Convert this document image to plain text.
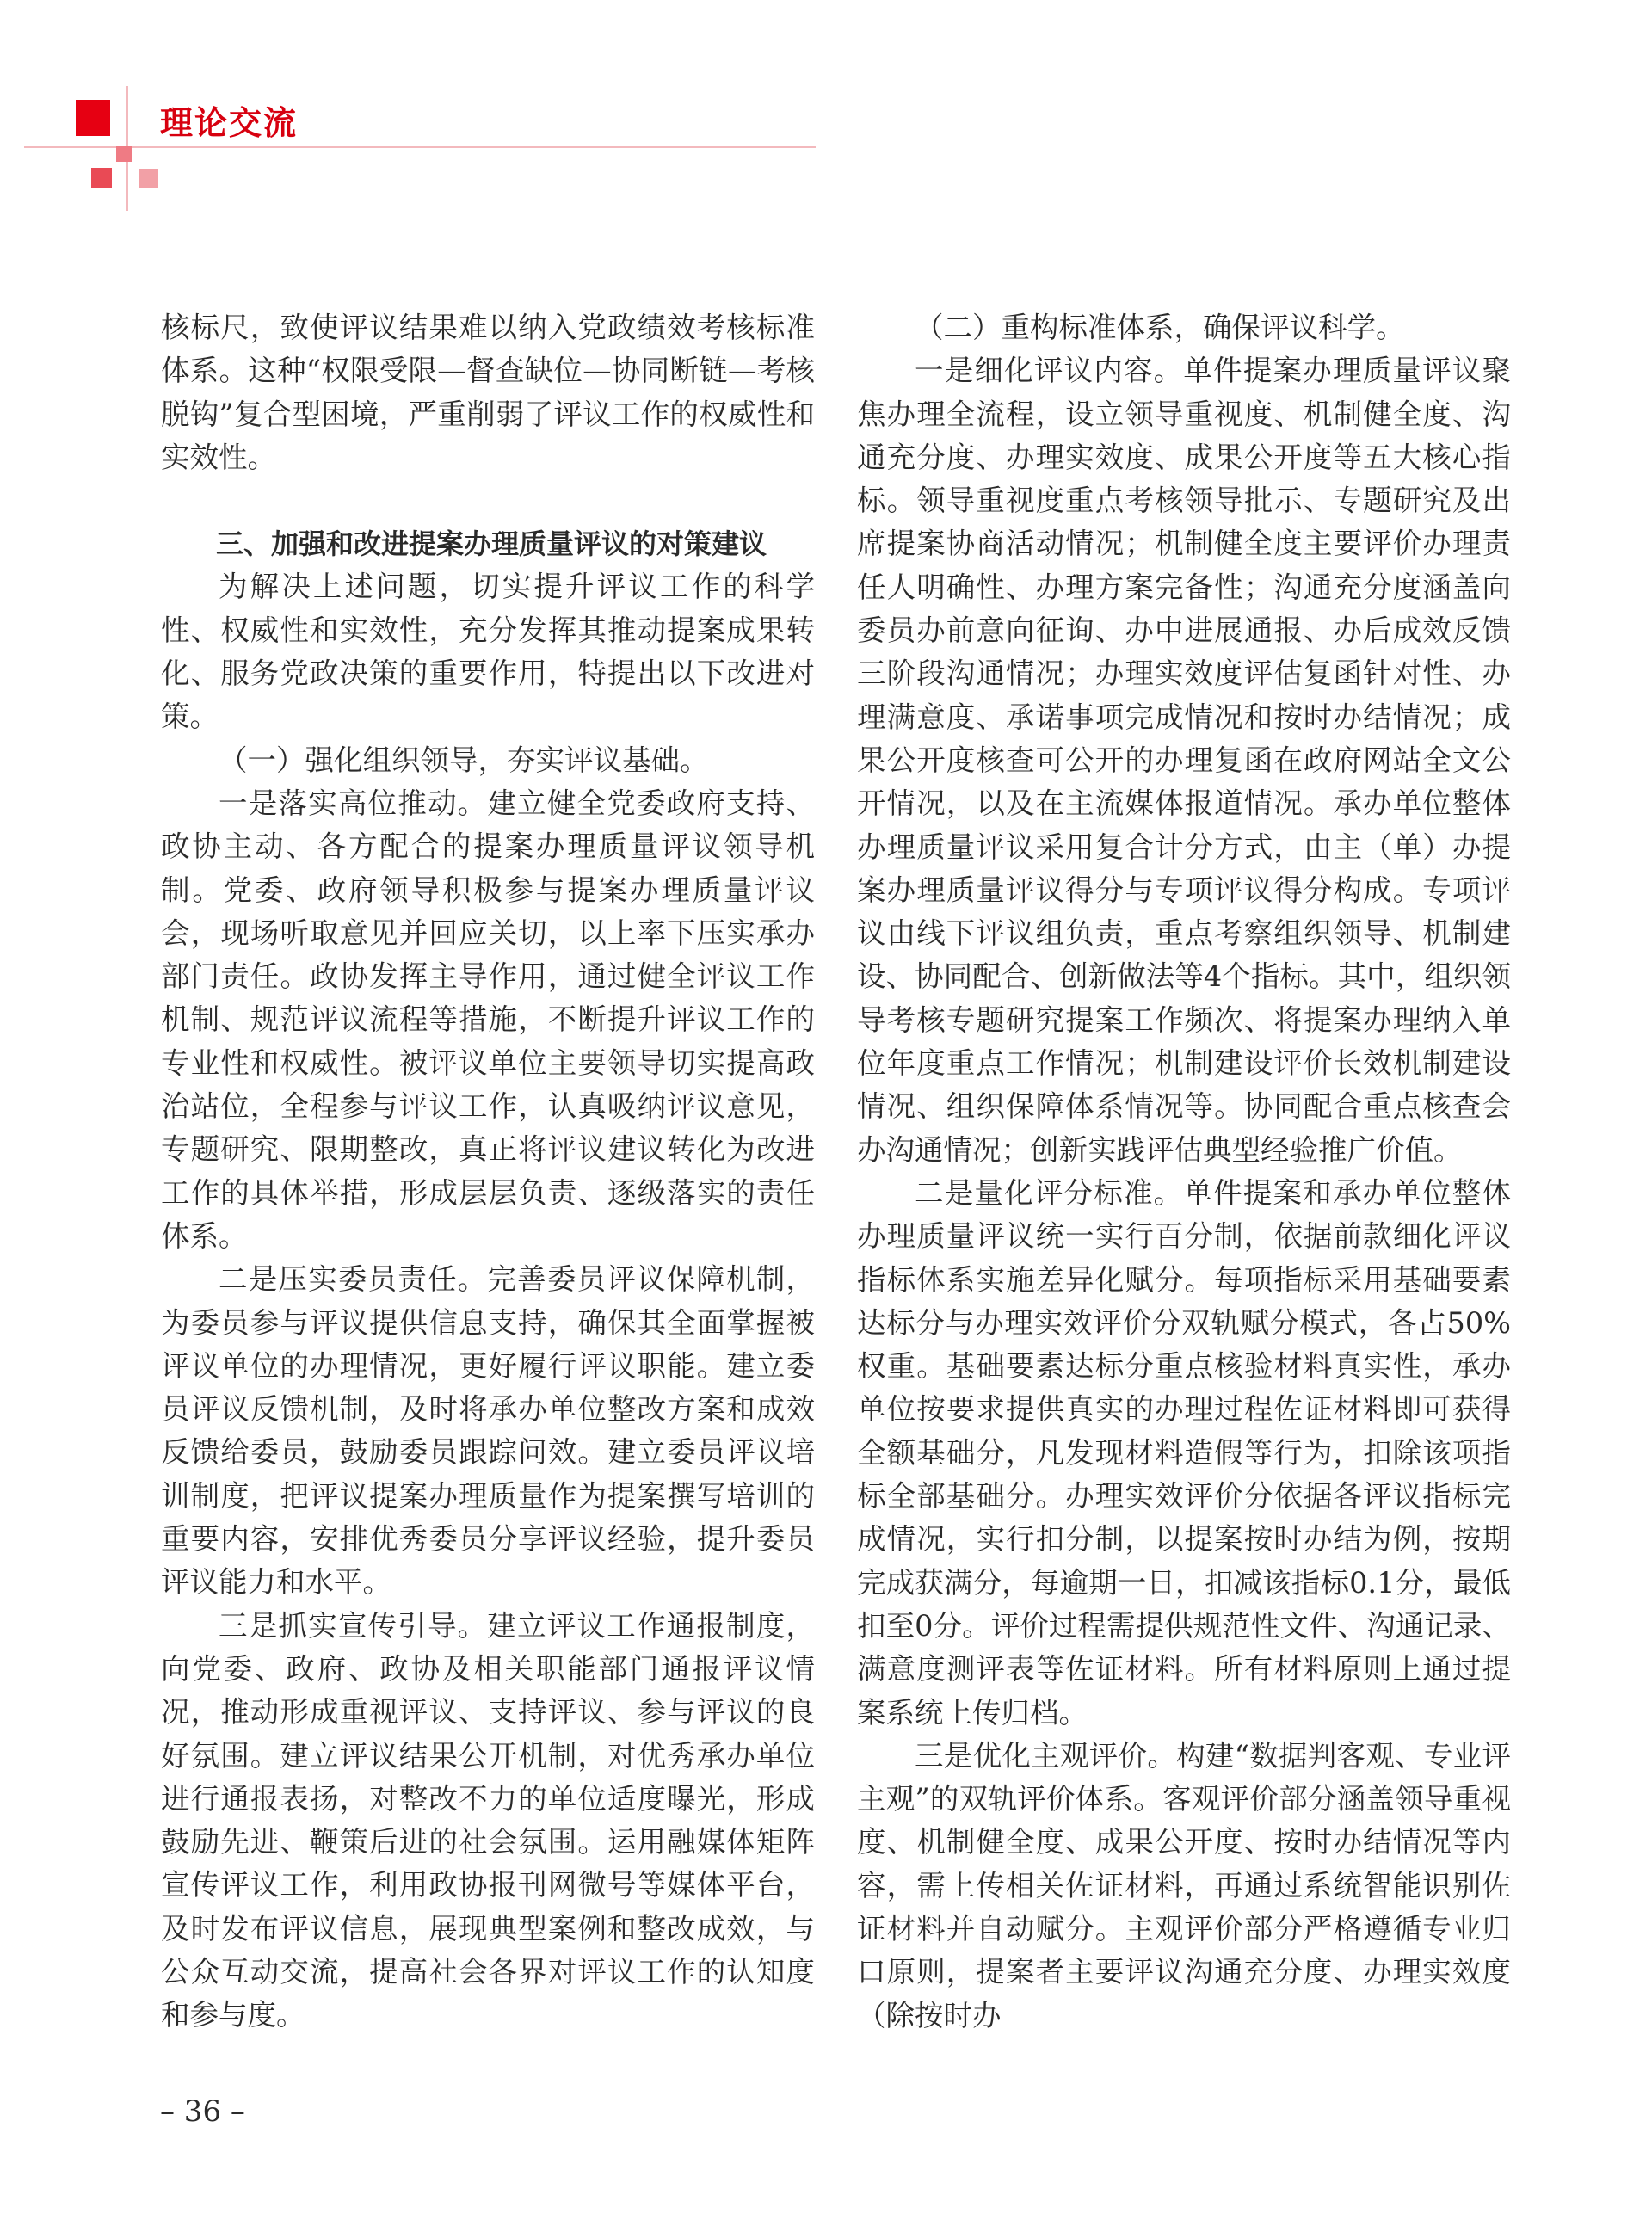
理论交流

核标尺，致使评议结果难以纳入党政绩效考核标准体系。这种“权限受限—督查缺位—协同断链—考核脱钩”复合型困境，严重削弱了评议工作的权威性和实效性。

三、加强和改进提案办理质量评议的对策建议

为解决上述问题，切实提升评议工作的科学性、权威性和实效性，充分发挥其推动提案成果转化、服务党政决策的重要作用，特提出以下改进对策。

（一）强化组织领导，夯实评议基础。

一是落实高位推动。建立健全党委政府支持、政协主动、各方配合的提案办理质量评议领导机制。党委、政府领导积极参与提案办理质量评议会，现场听取意见并回应关切，以上率下压实承办部门责任。政协发挥主导作用，通过健全评议工作机制、规范评议流程等措施，不断提升评议工作的专业性和权威性。被评议单位主要领导切实提高政治站位，全程参与评议工作，认真吸纳评议意见，专题研究、限期整改，真正将评议建议转化为改进工作的具体举措，形成层层负责、逐级落实的责任体系。

二是压实委员责任。完善委员评议保障机制，为委员参与评议提供信息支持，确保其全面掌握被评议单位的办理情况，更好履行评议职能。建立委员评议反馈机制，及时将承办单位整改方案和成效反馈给委员，鼓励委员跟踪问效。建立委员评议培训制度，把评议提案办理质量作为提案撰写培训的重要内容，安排优秀委员分享评议经验，提升委员评议能力和水平。

三是抓实宣传引导。建立评议工作通报制度，向党委、政府、政协及相关职能部门通报评议情况，推动形成重视评议、支持评议、参与评议的良好氛围。建立评议结果公开机制，对优秀承办单位进行通报表扬，对整改不力的单位适度曝光，形成鼓励先进、鞭策后进的社会氛围。运用融媒体矩阵宣传评议工作，利用政协报刊网微号等媒体平台，及时发布评议信息，展现典型案例和整改成效，与公众互动交流，提高社会各界对评议工作的认知度和参与度。

（二）重构标准体系，确保评议科学。

一是细化评议内容。单件提案办理质量评议聚焦办理全流程，设立领导重视度、机制健全度、沟通充分度、办理实效度、成果公开度等五大核心指标。领导重视度重点考核领导批示、专题研究及出席提案协商活动情况；机制健全度主要评价办理责任人明确性、办理方案完备性；沟通充分度涵盖向委员办前意向征询、办中进展通报、办后成效反馈三阶段沟通情况；办理实效度评估复函针对性、办理满意度、承诺事项完成情况和按时办结情况；成果公开度核查可公开的办理复函在政府网站全文公开情况，以及在主流媒体报道情况。承办单位整体办理质量评议采用复合计分方式，由主（单）办提案办理质量评议得分与专项评议得分构成。专项评议由线下评议组负责，重点考察组织领导、机制建设、协同配合、创新做法等4个指标。其中，组织领导考核专题研究提案工作频次、将提案办理纳入单位年度重点工作情况；机制建设评价长效机制建设情况、组织保障体系情况等。协同配合重点核查会办沟通情况；创新实践评估典型经验推广价值。

二是量化评分标准。单件提案和承办单位整体办理质量评议统一实行百分制，依据前款细化评议指标体系实施差异化赋分。每项指标采用基础要素达标分与办理实效评价分双轨赋分模式，各占50%权重。基础要素达标分重点核验材料真实性，承办单位按要求提供真实的办理过程佐证材料即可获得全额基础分，凡发现材料造假等行为，扣除该项指标全部基础分。办理实效评价分依据各评议指标完成情况，实行扣分制，以提案按时办结为例，按期完成获满分，每逾期一日，扣减该指标0.1分，最低扣至0分。评价过程需提供规范性文件、沟通记录、满意度测评表等佐证材料。所有材料原则上通过提案系统上传归档。

三是优化主观评价。构建“数据判客观、专业评主观”的双轨评价体系。客观评价部分涵盖领导重视度、机制健全度、成果公开度、按时办结情况等内容，需上传相关佐证材料，再通过系统智能识别佐证材料并自动赋分。主观评价部分严格遵循专业归口原则，提案者主要评议沟通充分度、办理实效度（除按时办

– 36 –
